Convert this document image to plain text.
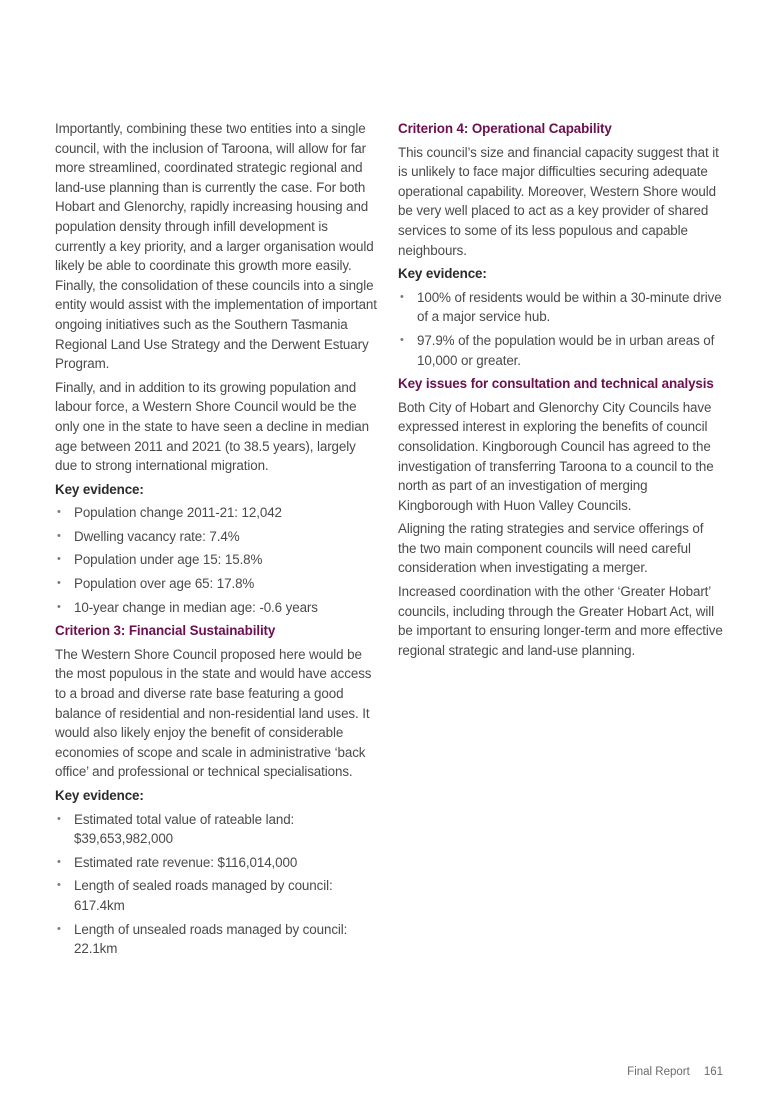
Importantly, combining these two entities into a single council, with the inclusion of Taroona, will allow for far more streamlined, coordinated strategic regional and land-use planning than is currently the case. For both Hobart and Glenorchy, rapidly increasing housing and population density through infill development is currently a key priority, and a larger organisation would likely be able to coordinate this growth more easily. Finally, the consolidation of these councils into a single entity would assist with the implementation of important ongoing initiatives such as the Southern Tasmania Regional Land Use Strategy and the Derwent Estuary Program.

Finally, and in addition to its growing population and labour force, a Western Shore Council would be the only one in the state to have seen a decline in median age between 2011 and 2021 (to 38.5 years), largely due to strong international migration.

Key evidence:
• Population change 2011-21: 12,042
• Dwelling vacancy rate: 7.4%
• Population under age 15: 15.8%
• Population over age 65: 17.8%
• 10-year change in median age: -0.6 years
Criterion 3: Financial Sustainability

The Western Shore Council proposed here would be the most populous in the state and would have access to a broad and diverse rate base featuring a good balance of residential and non-residential land uses. It would also likely enjoy the benefit of considerable economies of scope and scale in administrative ‘back office’ and professional or technical specialisations.

Key evidence:
• Estimated total value of rateable land: $39,653,982,000
• Estimated rate revenue: $116,014,000
• Length of sealed roads managed by council: 617.4km
• Length of unsealed roads managed by council: 22.1km
Criterion 4: Operational Capability

This council’s size and financial capacity suggest that it is unlikely to face major difficulties securing adequate operational capability. Moreover, Western Shore would be very well placed to act as a key provider of shared services to some of its less populous and capable neighbours.

Key evidence:
• 100% of residents would be within a 30-minute drive of a major service hub.
• 97.9% of the population would be in urban areas of 10,000 or greater.
Key issues for consultation and technical analysis

Both City of Hobart and Glenorchy City Councils have expressed interest in exploring the benefits of council consolidation. Kingborough Council has agreed to the investigation of transferring Taroona to a council to the north as part of an investigation of merging Kingborough with Huon Valley Councils.

Aligning the rating strategies and service offerings of the two main component councils will need careful consideration when investigating a merger.

Increased coordination with the other ‘Greater Hobart’ councils, including through the Greater Hobart Act, will be important to ensuring longer-term and more effective regional strategic and land-use planning.

Final Report 161
